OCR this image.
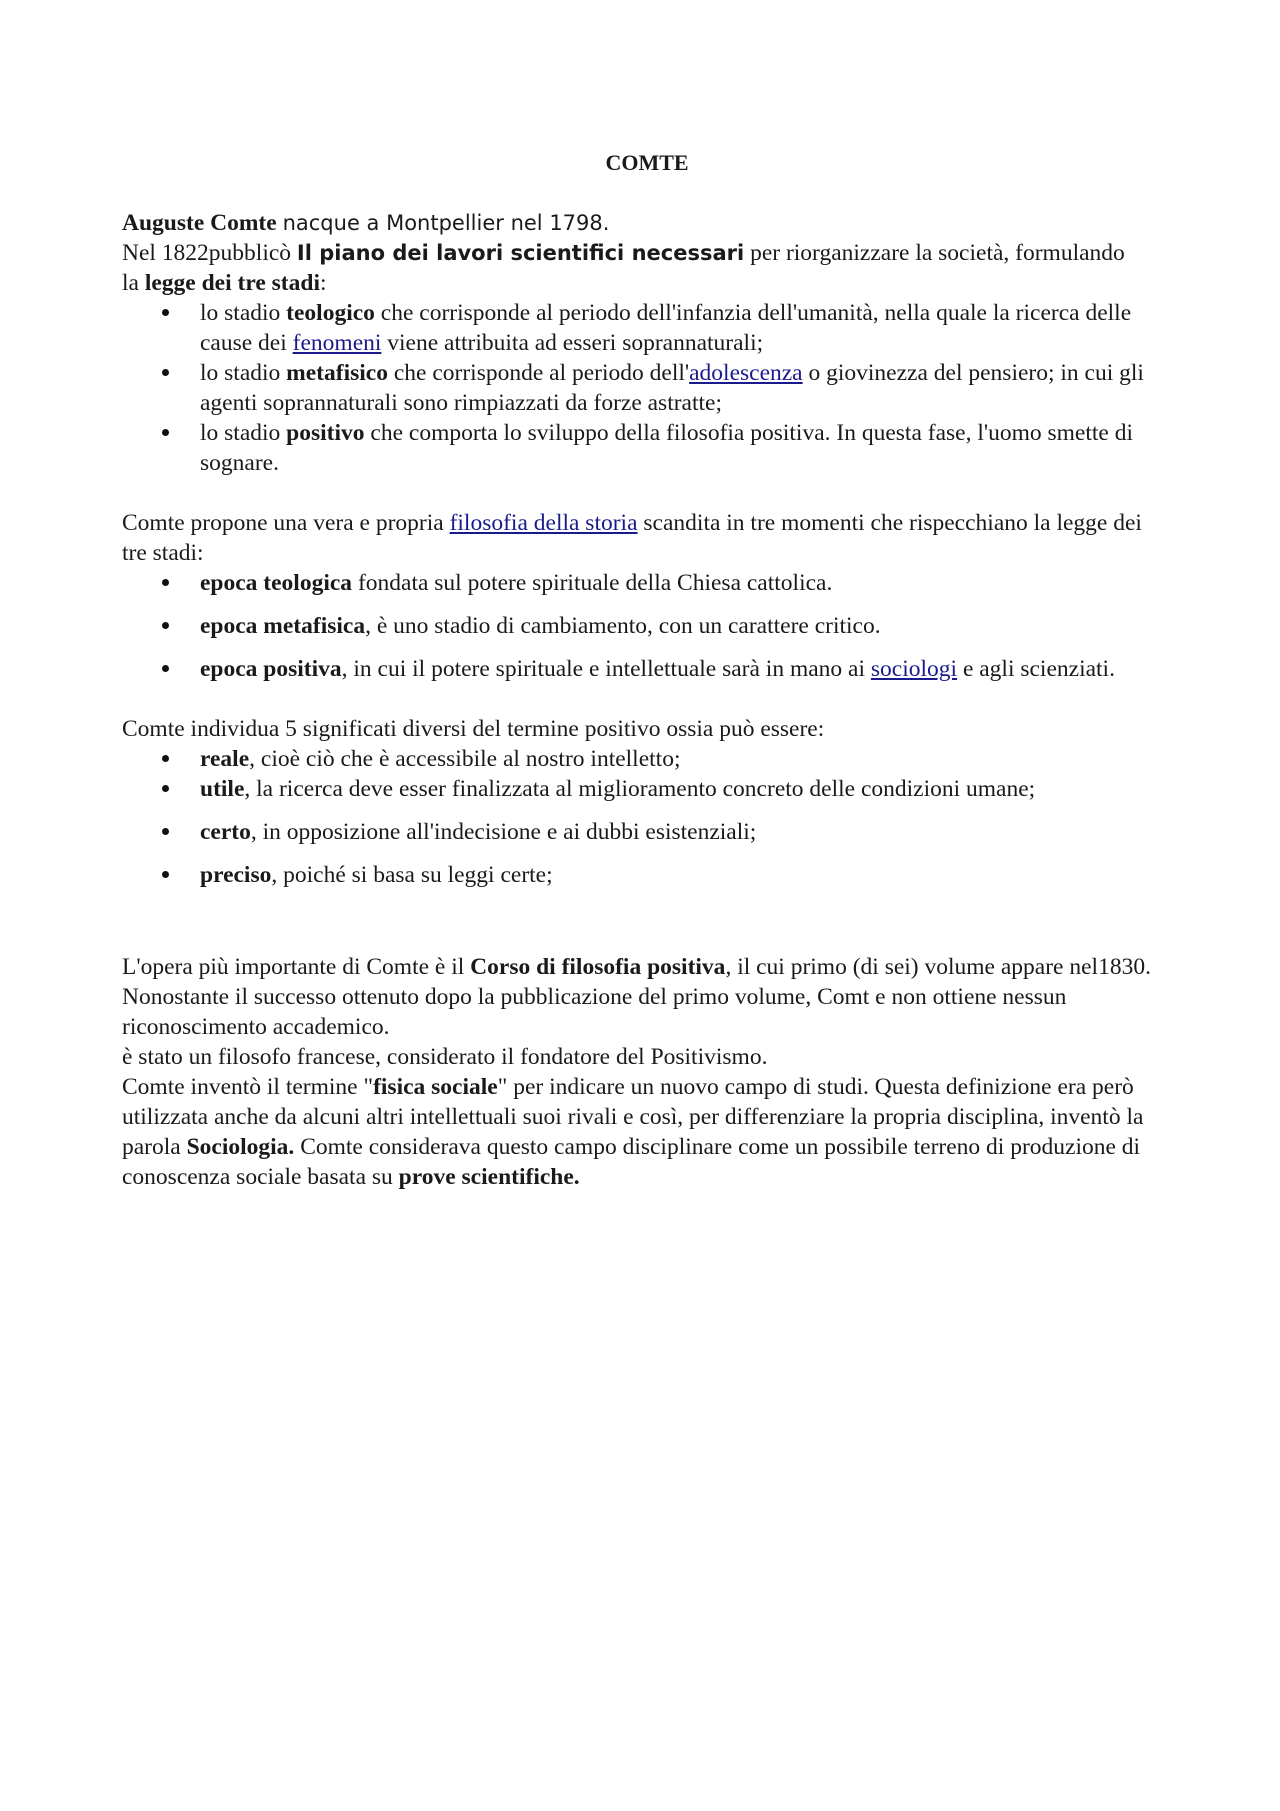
COMTE

Auguste Comte nacque a Montpellier nel 1798.

Nel 1822pubblicò Il piano dei lavori scientifici necessari per riorganizzare la società, formulando
la legge dei tre stadi:

lo stadio teologico che corrisponde al periodo dell'infanzia dell'umanità, nella quale la ricerca delle cause dei fenomeni viene attribuita ad esseri soprannaturali;
lo stadio metafisico che corrisponde al periodo dell'adolescenza o giovinezza del pensiero; in cui gli agenti soprannaturali sono rimpiazzati da forze astratte;
lo stadio positivo che comporta lo sviluppo della filosofia positiva. In questa fase, l'uomo smette di sognare.

Comte propone una vera e propria filosofia della storia scandita in tre momenti che rispecchiano la legge dei tre stadi:

epoca teologica fondata sul potere spirituale della Chiesa cattolica.
epoca metafisica, è uno stadio di cambiamento, con un carattere critico.
epoca positiva, in cui il potere spirituale e intellettuale sarà in mano ai sociologi e agli scienziati.

Comte individua 5 significati diversi del termine positivo ossia può essere:

reale, cioè ciò che è accessibile al nostro intelletto;
utile, la ricerca deve esser finalizzata al miglioramento concreto delle condizioni umane;
certo, in opposizione all'indecisione e ai dubbi esistenziali;
preciso, poiché si basa su leggi certe;

L'opera più importante di Comte è il Corso di filosofia positiva, il cui primo (di sei) volume appare nel1830. Nonostante il successo ottenuto dopo la pubblicazione del primo volume, Comt e non ottiene nessun riconoscimento accademico.

è stato un filosofo francese, considerato il fondatore del Positivismo.

Comte inventò il termine "fisica sociale" per indicare un nuovo campo di studi. Questa definizione era però utilizzata anche da alcuni altri intellettuali suoi rivali e così, per differenziare la propria disciplina, inventò la parola Sociologia. Comte considerava questo campo disciplinare come un possibile terreno di produzione di conoscenza sociale basata su prove scientifiche.
